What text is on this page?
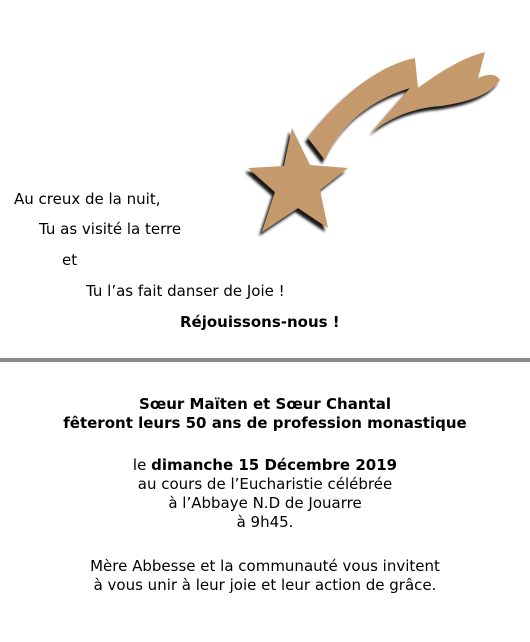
Au creux de la nuit,
Tu as visité la terre
et
Tu l’as fait danser de Joie !
Réjouissons-nous !
Sœur Maïten et Sœur Chantal
fêteront leurs 50 ans de profession monastique
le dimanche 15 Décembre 2019
au cours de l’Eucharistie célébrée
à l’Abbaye N.D de Jouarre
à 9h45.
Mère Abbesse et la communauté vous invitent
à vous unir à leur joie et leur action de grâce.
